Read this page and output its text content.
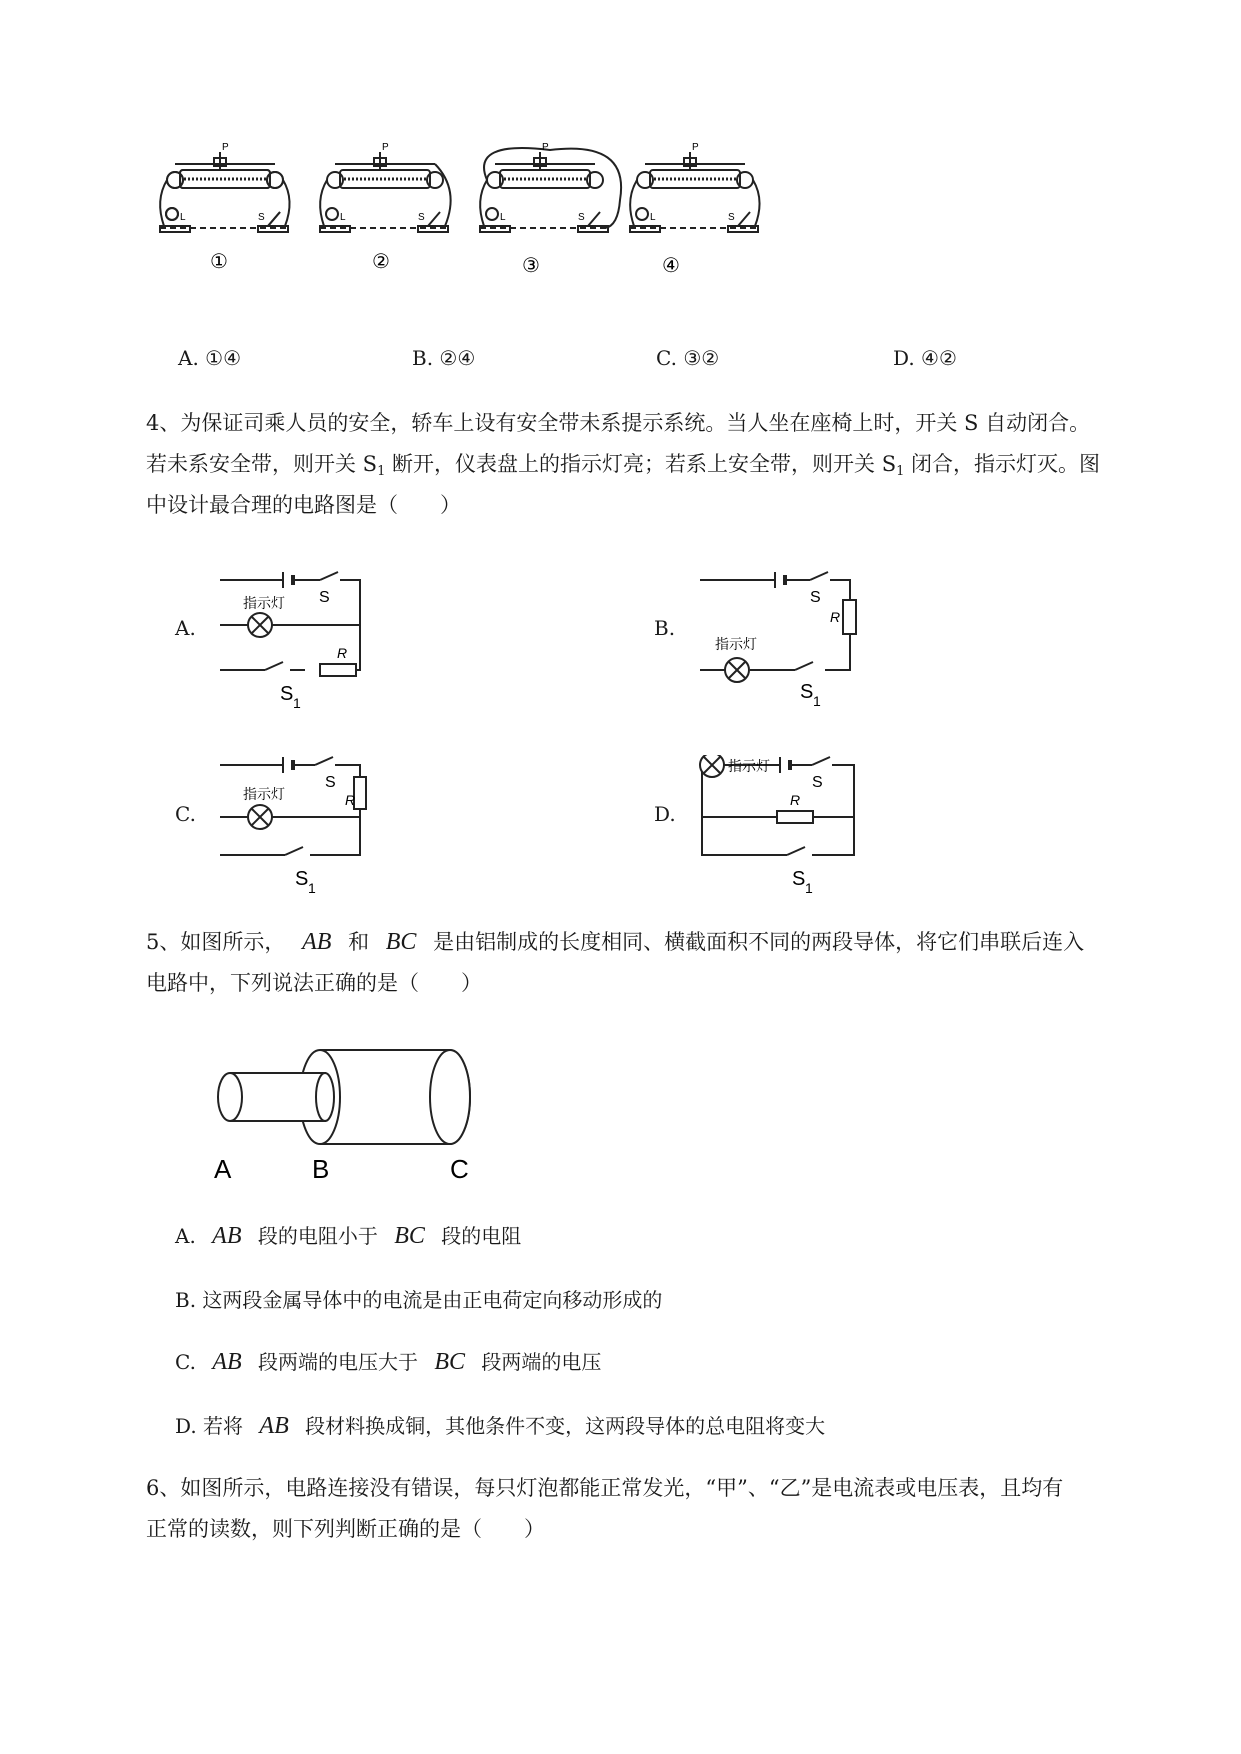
P
L	S
P
L	S
P
L	S
P
L	S
①	②	③	④
A. ①④	B. ②④	C. ③②	D. ④②
4、为保证司乘人员的安全，轿车上设有安全带未系提示系统。当人坐在座椅上时，开关 S 自动闭合。
若未系安全带，则开关 $S_1$ 断开，仪表盘上的指示灯亮；若系上安全带，则开关 $S_1$ 闭合，指示灯灭。图
中设计最合理的电路图是（　　）
A.
指示灯 S
R
S 1
B.
指示灯
S
R
S 1
C.
指示灯
S
R
S 1
D.
指示灯
S
R
S 1
5、如图所示， AB 和 BC 是由铝制成的长度相同、横截面积不同的两段导体，将它们串联后连入
电路中，下列说法正确的是（　　）
A	B	C
A. AB 段的电阻小于 BC 段的电阻
B. 这两段金属导体中的电流是由正电荷定向移动形成的
C. AB 段两端的电压大于 BC 段两端的电压
D. 若将 AB 段材料换成铜，其他条件不变，这两段导体的总电阻将变大
6、如图所示，电路连接没有错误，每只灯泡都能正常发光，“甲”、“乙”是电流表或电压表，且均有
正常的读数，则下列判断正确的是（　　）
